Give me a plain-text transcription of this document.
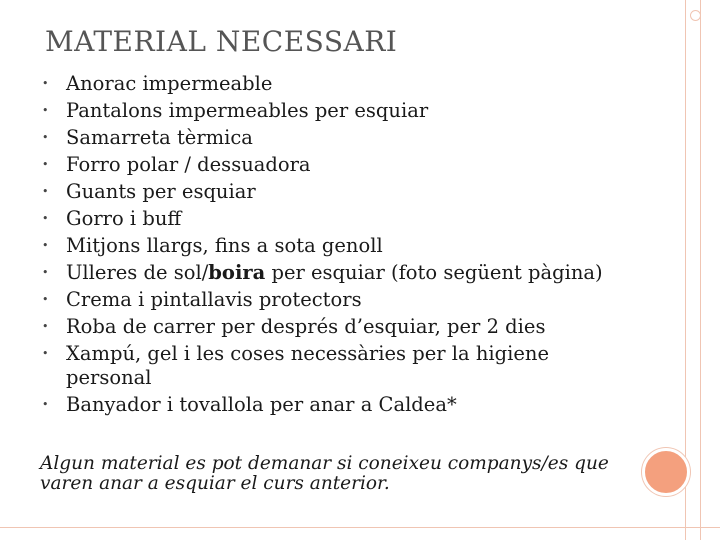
MATERIAL NECESSARI
• Anorac impermeable
• Pantalons impermeables per esquiar
• Samarreta tèrmica
• Forro polar / dessuadora
• Guants per esquiar
• Gorro i buff
• Mitjons llargs, fins a sota genoll
• Ulleres de sol/boira per esquiar (foto següent pàgina)
• Crema i pintallavis protectors
• Roba de carrer per després d’esquiar, per 2 dies
• Xampú, gel i les coses necessàries per la higiene personal
• Banyador i tovallola per anar a Caldea*

Algun material es pot demanar si coneixeu companys/es que varen anar a esquiar el curs anterior.
